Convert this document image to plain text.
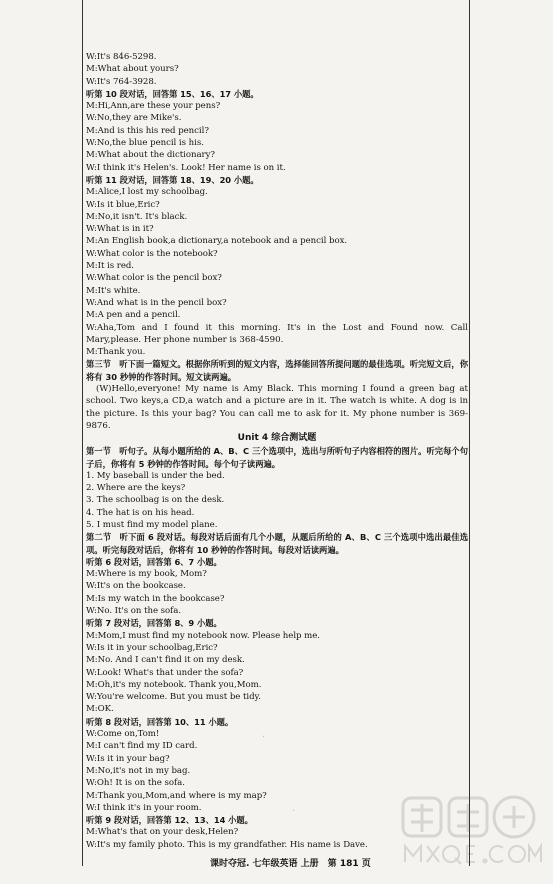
W:It's 846-5298.
M:What about yours?
W:It's 764-3928.
听第 10 段对话，回答第 15、16、17 小题。
M:Hi,Ann,are these your pens?
W:No,they are Mike's.
M:And is this his red pencil?
W:No,the blue pencil is his.
M:What about the dictionary?
W:I think it's Helen's. Look! Her name is on it.
听第 11 段对话，回答第 18、19、20 小题。
M:Alice,I lost my schoolbag.
W:Is it blue,Eric?
M:No,it isn't. It's black.
W:What is in it?
M:An English book,a dictionary,a notebook and a pencil box.
W:What color is the notebook?
M:It is red.
W:What color is the pencil box?
M:It's white.
W:And what is in the pencil box?
M:A pen and a pencil.
W:Aha,Tom and I found it this morning. It's in the Lost and Found now. Call Mary,please. Her phone number is 368-4590.
M:Thank you.
第三节　听下面一篇短文。根据你所听到的短文内容，选择能回答所提问题的最佳选项。听完短文后，你将有 30 秒钟的作答时间。短文读两遍。
(W)Hello,everyone! My name is Amy Black. This morning I found a green bag at school. Two keys,a CD,a watch and a picture are in it. The watch is white. A dog is in the picture. Is this your bag? You can call me to ask for it. My phone number is 369-9876.
Unit 4 综合测试题
第一节　听句子。从每小题所给的 A、B、C 三个选项中，选出与所听句子内容相符的图片。听完每个句子后，你将有 5 秒钟的作答时间。每个句子读两遍。
1. My baseball is under the bed.
2. Where are the keys?
3. The schoolbag is on the desk.
4. The hat is on his head.
5. I must find my model plane.
第二节　听下面 6 段对话。每段对话后面有几个小题，从题后所给的 A、B、C 三个选项中选出最佳选项。听完每段对话后，你将有 10 秒钟的作答时间。每段对话读两遍。
听第 6 段对话，回答第 6、7 小题。
M:Where is my book, Mom?
W:It's on the bookcase.
M:Is my watch in the bookcase?
W:No. It's on the sofa.
听第 7 段对话，回答第 8、9 小题。
M:Mom,I must find my notebook now. Please help me.
W:Is it in your schoolbag,Eric?
M:No. And I can't find it on my desk.
W:Look! What's that under the sofa?
M:Oh,it's my notebook. Thank you,Mom.
W:You're welcome. But you must be tidy.
M:OK.
听第 8 段对话，回答第 10、11 小题。
W:Come on,Tom!
M:I can't find my ID card.
W:Is it in your bag?
M:No,it's not in my bag.
W:Oh! It is on the sofa.
M:Thank you,Mom,and where is my map?
W:I think it's in your room.
听第 9 段对话，回答第 12、13、14 小题。
M:What's that on your desk,Helen?
W:It's my family photo. This is my grandfather. His name is Dave.
课时夺冠. 七年级英语 上册　第 181 页
·
·
